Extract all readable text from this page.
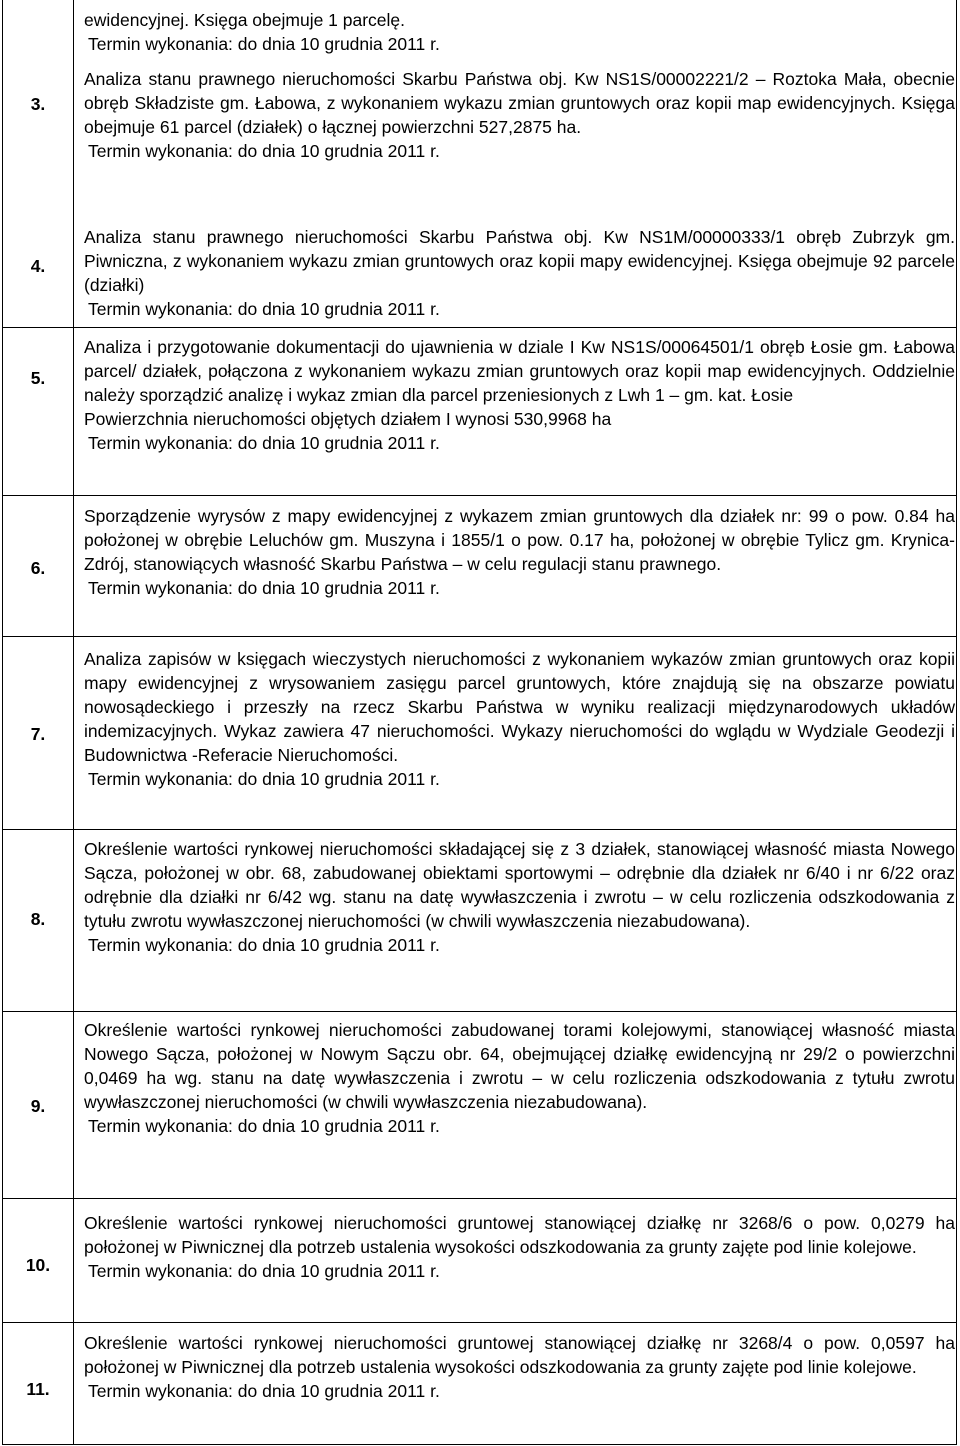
ewidencyjnej. Księga obejmuje 1 parcelę.

Termin wykonania: do dnia 10 grudnia 2011 r.

3.

Analiza stanu prawnego nieruchomości Skarbu Państwa obj. Kw NS1S/00002221/2 – Roztoka Mała, obecnie obręb Składziste gm. Łabowa, z wykonaniem wykazu zmian gruntowych oraz kopii map ewidencyjnych. Księga obejmuje 61 parcel (działek) o łącznej powierzchni 527,2875 ha.

Termin wykonania: do dnia 10 grudnia 2011 r.

4.

Analiza stanu prawnego nieruchomości Skarbu Państwa obj. Kw NS1M/00000333/1 obręb Zubrzyk gm. Piwniczna, z wykonaniem wykazu zmian gruntowych oraz kopii mapy ewidencyjnej. Księga obejmuje 92 parcele (działki)

Termin wykonania: do dnia 10 grudnia 2011 r.

5.

Analiza i przygotowanie dokumentacji do ujawnienia w dziale I Kw NS1S/00064501/1 obręb Łosie gm. Łabowa parcel/ działek, połączona z wykonaniem wykazu zmian gruntowych oraz kopii map ewidencyjnych. Oddzielnie należy sporządzić analizę i wykaz zmian dla parcel przeniesionych z Lwh 1 – gm. kat. Łosie

Powierzchnia nieruchomości objętych działem I wynosi 530,9968 ha

Termin wykonania: do dnia 10 grudnia 2011 r.

6.

Sporządzenie wyrysów z mapy ewidencyjnej z wykazem zmian gruntowych dla działek nr: 99 o pow. 0.84 ha położonej w obrębie Leluchów gm. Muszyna i 1855/1 o pow. 0.17 ha, położonej w obrębie Tylicz gm. Krynica-Zdrój, stanowiących własność Skarbu Państwa – w celu regulacji stanu prawnego.

Termin wykonania: do dnia 10 grudnia 2011 r.

7.

Analiza zapisów w księgach wieczystych nieruchomości z wykonaniem wykazów zmian gruntowych oraz kopii mapy ewidencyjnej z wrysowaniem zasięgu parcel gruntowych, które znajdują się na obszarze powiatu nowosądeckiego i przeszły na rzecz Skarbu Państwa w wyniku realizacji międzynarodowych układów indemizacyjnych. Wykaz zawiera 47 nieruchomości. Wykazy nieruchomości do wglądu w Wydziale Geodezji i Budownictwa -Referacie Nieruchomości.

Termin wykonania: do dnia 10 grudnia 2011 r.

8.

Określenie wartości rynkowej nieruchomości składającej się z 3 działek, stanowiącej własność miasta Nowego Sącza, położonej w obr. 68, zabudowanej obiektami sportowymi – odrębnie dla działek nr 6/40 i nr 6/22 oraz odrębnie dla działki nr 6/42 wg. stanu na datę wywłaszczenia i zwrotu – w celu rozliczenia odszkodowania z tytułu zwrotu wywłaszczonej nieruchomości (w chwili wywłaszczenia niezabudowana).

Termin wykonania: do dnia 10 grudnia 2011 r.

9.

Określenie wartości rynkowej nieruchomości zabudowanej torami kolejowymi, stanowiącej własność miasta Nowego Sącza, położonej w Nowym Sączu obr. 64, obejmującej działkę ewidencyjną nr 29/2 o powierzchni 0,0469 ha wg. stanu na datę wywłaszczenia i zwrotu – w celu rozliczenia odszkodowania z tytułu zwrotu wywłaszczonej nieruchomości (w chwili wywłaszczenia niezabudowana).

Termin wykonania: do dnia 10 grudnia 2011 r.

10.

Określenie wartości rynkowej nieruchomości gruntowej stanowiącej działkę nr 3268/6 o pow. 0,0279 ha położonej w Piwnicznej dla potrzeb ustalenia wysokości odszkodowania za grunty zajęte pod linie kolejowe.

Termin wykonania: do dnia 10 grudnia 2011 r.

11.

Określenie wartości rynkowej nieruchomości gruntowej stanowiącej działkę nr 3268/4 o pow. 0,0597 ha położonej w Piwnicznej dla potrzeb ustalenia wysokości odszkodowania za grunty zajęte pod linie kolejowe.

Termin wykonania: do dnia 10 grudnia 2011 r.
